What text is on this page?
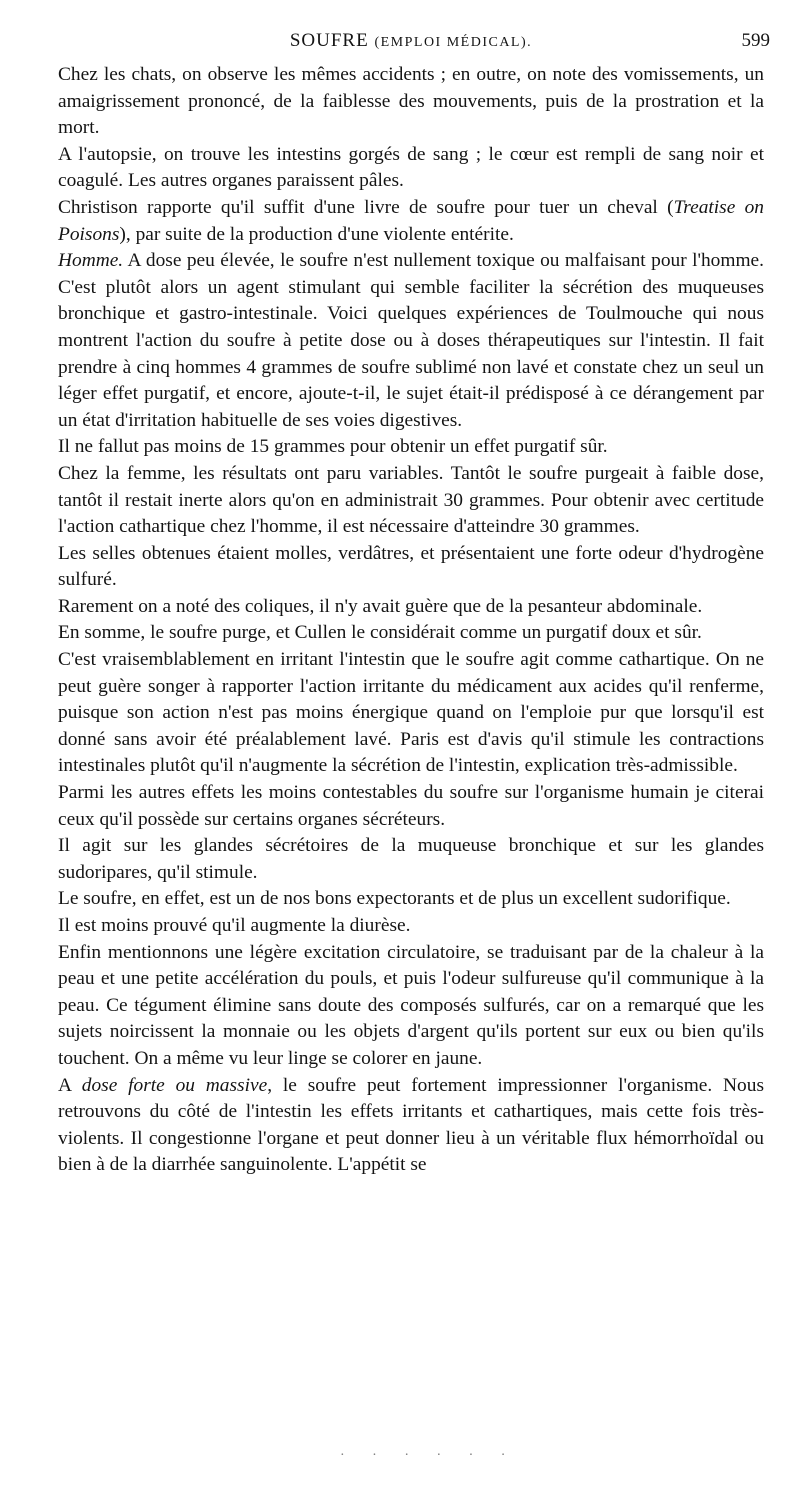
SOUFRE (EMPLOI MÉDICAL).	599

Chez les chats, on observe les mêmes accidents ; en outre, on note des vomissements, un amaigrissement prononcé, de la faiblesse des mouvements, puis de la prostration et la mort.

A l'autopsie, on trouve les intestins gorgés de sang ; le cœur est rempli de sang noir et coagulé. Les autres organes paraissent pâles.

Christison rapporte qu'il suffit d'une livre de soufre pour tuer un cheval (Treatise on Poisons), par suite de la production d'une violente entérite.

Homme. A dose peu élevée, le soufre n'est nullement toxique ou malfaisant pour l'homme. C'est plutôt alors un agent stimulant qui semble faciliter la sécrétion des muqueuses bronchique et gastro-intestinale. Voici quelques expériences de Toulmouche qui nous montrent l'action du soufre à petite dose ou à doses thérapeutiques sur l'intestin. Il fait prendre à cinq hommes 4 grammes de soufre sublimé non lavé et constate chez un seul un léger effet purgatif, et encore, ajoute-t-il, le sujet était-il prédisposé à ce dérangement par un état d'irritation habituelle de ses voies digestives.

Il ne fallut pas moins de 15 grammes pour obtenir un effet purgatif sûr.

Chez la femme, les résultats ont paru variables. Tantôt le soufre purgeait à faible dose, tantôt il restait inerte alors qu'on en administrait 30 grammes. Pour obtenir avec certitude l'action cathartique chez l'homme, il est nécessaire d'atteindre 30 grammes.

Les selles obtenues étaient molles, verdâtres, et présentaient une forte odeur d'hydrogène sulfuré.

Rarement on a noté des coliques, il n'y avait guère que de la pesanteur abdominale.

En somme, le soufre purge, et Cullen le considérait comme un purgatif doux et sûr.

C'est vraisemblablement en irritant l'intestin que le soufre agit comme cathartique. On ne peut guère songer à rapporter l'action irritante du médicament aux acides qu'il renferme, puisque son action n'est pas moins énergique quand on l'emploie pur que lorsqu'il est donné sans avoir été préalablement lavé. Paris est d'avis qu'il stimule les contractions intestinales plutôt qu'il n'augmente la sécrétion de l'intestin, explication très-admissible.

Parmi les autres effets les moins contestables du soufre sur l'organisme humain je citerai ceux qu'il possède sur certains organes sécréteurs.

Il agit sur les glandes sécrétoires de la muqueuse bronchique et sur les glandes sudoripares, qu'il stimule.

Le soufre, en effet, est un de nos bons expectorants et de plus un excellent sudorifique.

Il est moins prouvé qu'il augmente la diurèse.

Enfin mentionnons une légère excitation circulatoire, se traduisant par de la chaleur à la peau et une petite accélération du pouls, et puis l'odeur sulfureuse qu'il communique à la peau. Ce tégument élimine sans doute des composés sulfurés, car on a remarqué que les sujets noircissent la monnaie ou les objets d'argent qu'ils portent sur eux ou bien qu'ils touchent. On a même vu leur linge se colorer en jaune.

A dose forte ou massive, le soufre peut fortement impressionner l'organisme. Nous retrouvons du côté de l'intestin les effets irritants et cathartiques, mais cette fois très-violents. Il congestionne l'organe et peut donner lieu à un véritable flux hémorrhoïdal ou bien à de la diarrhée sanguinolente. L'appétit se

· · · · · ·
